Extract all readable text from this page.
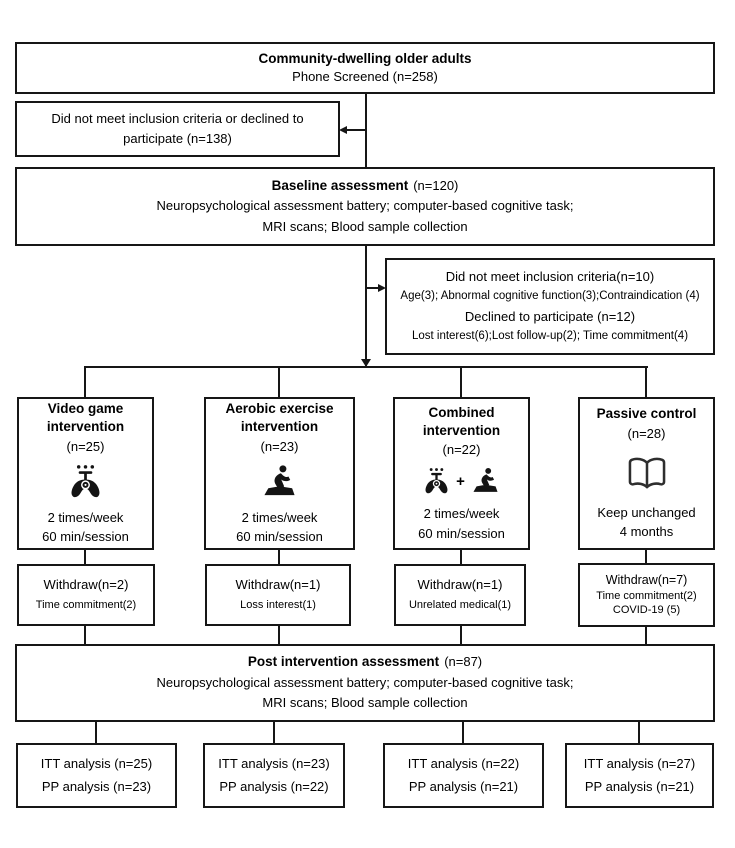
Community-dwelling older adults
Phone Screened (n=258)
Did not meet inclusion criteria or declined to
participate (n=138)
Baseline assessment (n=120)
Neuropsychological assessment battery; computer-based cognitive task;
MRI scans; Blood sample collection
Did not meet inclusion criteria(n=10)
Age(3); Abnormal cognitive function(3);Contraindication (4)
Declined to participate (n=12)
Lost interest(6);Lost follow-up(2); Time commitment(4)
Video game
intervention
(n=25)
2 times/week
60 min/session
Aerobic exercise
intervention
(n=23)
2 times/week
60 min/session
Combined
intervention
(n=22)
+
2 times/week
60 min/session
Passive control
(n=28)
Keep unchanged
4 months
Withdraw(n=2)
Time commitment(2)
Withdraw(n=1)
Loss interest(1)
Withdraw(n=1)
Unrelated medical(1)
Withdraw(n=7)
Time commitment(2)
COVID-19 (5)
Post intervention assessment (n=87)
Neuropsychological assessment battery; computer-based cognitive task;
MRI scans; Blood sample collection
ITT analysis (n=25)
PP analysis (n=23)
ITT analysis (n=23)
PP analysis (n=22)
ITT analysis (n=22)
PP analysis (n=21)
ITT analysis (n=27)
PP analysis (n=21)
